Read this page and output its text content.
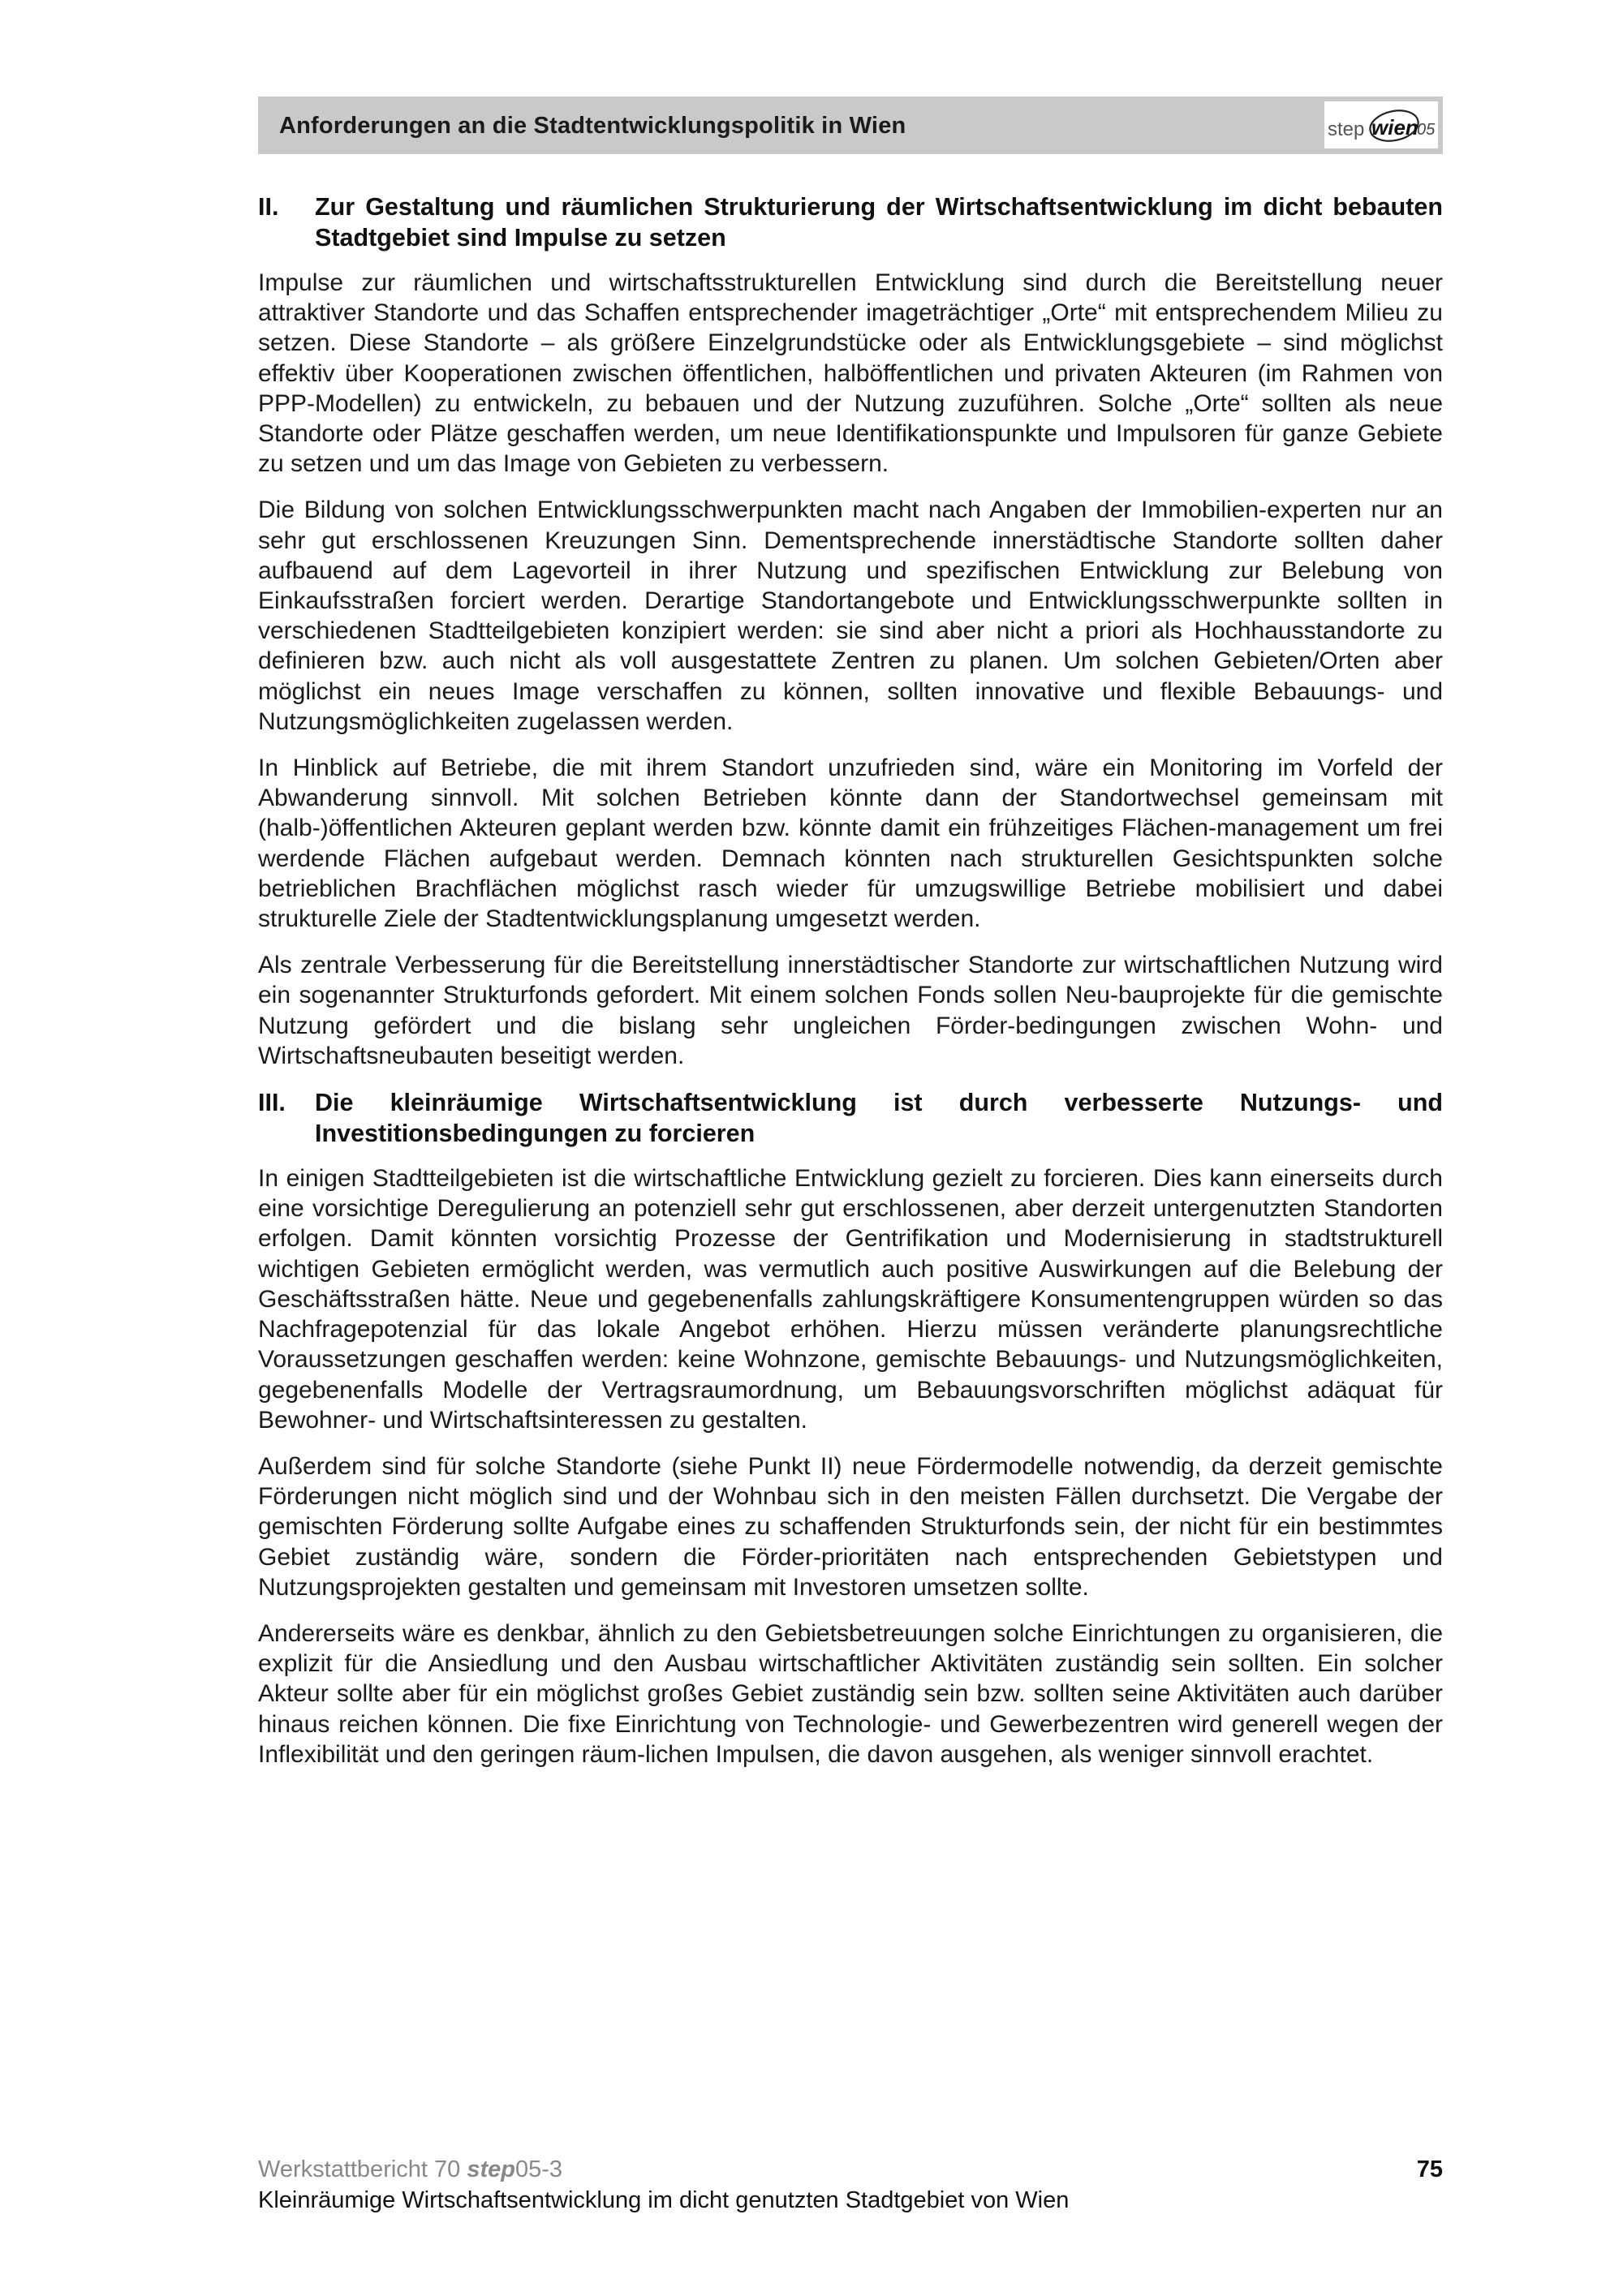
Anforderungen an die Stadtentwicklungspolitik in Wien	step wien
05
II.	Zur Gestaltung und räumlichen Strukturierung der Wirtschaftsentwicklung im dicht bebauten Stadtgebiet sind Impulse zu setzen

Impulse zur räumlichen und wirtschaftsstrukturellen Entwicklung sind durch die Bereitstellung neuer attraktiver Standorte und das Schaffen entsprechender imageträchtiger „Orte“ mit entsprechendem Milieu zu setzen. Diese Standorte – als größere Einzelgrundstücke oder als Entwicklungsgebiete – sind möglichst effektiv über Kooperationen zwischen öffentlichen, halböffentlichen und privaten Akteuren (im Rahmen von PPP-Modellen) zu entwickeln, zu bebauen und der Nutzung zuzuführen. Solche „Orte“ sollten als neue Standorte oder Plätze geschaffen werden, um neue Identifikationspunkte und Impulsoren für ganze Gebiete zu setzen und um das Image von Gebieten zu verbessern.

Die Bildung von solchen Entwicklungsschwerpunkten macht nach Angaben der Immobilien-experten nur an sehr gut erschlossenen Kreuzungen Sinn. Dementsprechende innerstädtische Standorte sollten daher aufbauend auf dem Lagevorteil in ihrer Nutzung und spezifischen Entwicklung zur Belebung von Einkaufsstraßen forciert werden. Derartige Standortangebote und Entwicklungsschwerpunkte sollten in verschiedenen Stadtteilgebieten konzipiert werden: sie sind aber nicht a priori als Hochhausstandorte zu definieren bzw. auch nicht als voll ausgestattete Zentren zu planen. Um solchen Gebieten/Orten aber möglichst ein neues Image verschaffen zu können, sollten innovative und flexible Bebauungs- und Nutzungsmöglichkeiten zugelassen werden.

In Hinblick auf Betriebe, die mit ihrem Standort unzufrieden sind, wäre ein Monitoring im Vorfeld der Abwanderung sinnvoll. Mit solchen Betrieben könnte dann der Standortwechsel gemeinsam mit (halb-)öffentlichen Akteuren geplant werden bzw. könnte damit ein frühzeitiges Flächen-management um frei werdende Flächen aufgebaut werden. Demnach könnten nach strukturellen Gesichtspunkten solche betrieblichen Brachflächen möglichst rasch wieder für umzugswillige Betriebe mobilisiert und dabei strukturelle Ziele der Stadtentwicklungsplanung umgesetzt werden.

Als zentrale Verbesserung für die Bereitstellung innerstädtischer Standorte zur wirtschaftlichen Nutzung wird ein sogenannter Strukturfonds gefordert. Mit einem solchen Fonds sollen Neu-bauprojekte für die gemischte Nutzung gefördert und die bislang sehr ungleichen Förder-bedingungen zwischen Wohn- und Wirtschaftsneubauten beseitigt werden.

III.	Die kleinräumige Wirtschaftsentwicklung ist durch verbesserte Nutzungs- und Investitionsbedingungen zu forcieren

In einigen Stadtteilgebieten ist die wirtschaftliche Entwicklung gezielt zu forcieren. Dies kann einerseits durch eine vorsichtige Deregulierung an potenziell sehr gut erschlossenen, aber derzeit untergenutzten Standorten erfolgen. Damit könnten vorsichtig Prozesse der Gentrifikation und Modernisierung in stadtstrukturell wichtigen Gebieten ermöglicht werden, was vermutlich auch positive Auswirkungen auf die Belebung der Geschäftsstraßen hätte. Neue und gegebenenfalls zahlungskräftigere Konsumentengruppen würden so das Nachfragepotenzial für das lokale Angebot erhöhen. Hierzu müssen veränderte planungsrechtliche Voraussetzungen geschaffen werden: keine Wohnzone, gemischte Bebauungs- und Nutzungsmöglichkeiten, gegebenenfalls Modelle der Vertragsraumordnung, um Bebauungsvorschriften möglichst adäquat für Bewohner- und Wirtschaftsinteressen zu gestalten.

Außerdem sind für solche Standorte (siehe Punkt II) neue Fördermodelle notwendig, da derzeit gemischte Förderungen nicht möglich sind und der Wohnbau sich in den meisten Fällen durchsetzt. Die Vergabe der gemischten Förderung sollte Aufgabe eines zu schaffenden Strukturfonds sein, der nicht für ein bestimmtes Gebiet zuständig wäre, sondern die Förder-prioritäten nach entsprechenden Gebietstypen und Nutzungsprojekten gestalten und gemeinsam mit Investoren umsetzen sollte.

Andererseits wäre es denkbar, ähnlich zu den Gebietsbetreuungen solche Einrichtungen zu organisieren, die explizit für die Ansiedlung und den Ausbau wirtschaftlicher Aktivitäten zuständig sein sollten. Ein solcher Akteur sollte aber für ein möglichst großes Gebiet zuständig sein bzw. sollten seine Aktivitäten auch darüber hinaus reichen können. Die fixe Einrichtung von Technologie- und Gewerbezentren wird generell wegen der Inflexibilität und den geringen räum-lichen Impulsen, die davon ausgehen, als weniger sinnvoll erachtet.

Werkstattbericht 70 step05-3	75
Kleinräumige Wirtschaftsentwicklung im dicht genutzten Stadtgebiet von Wien
